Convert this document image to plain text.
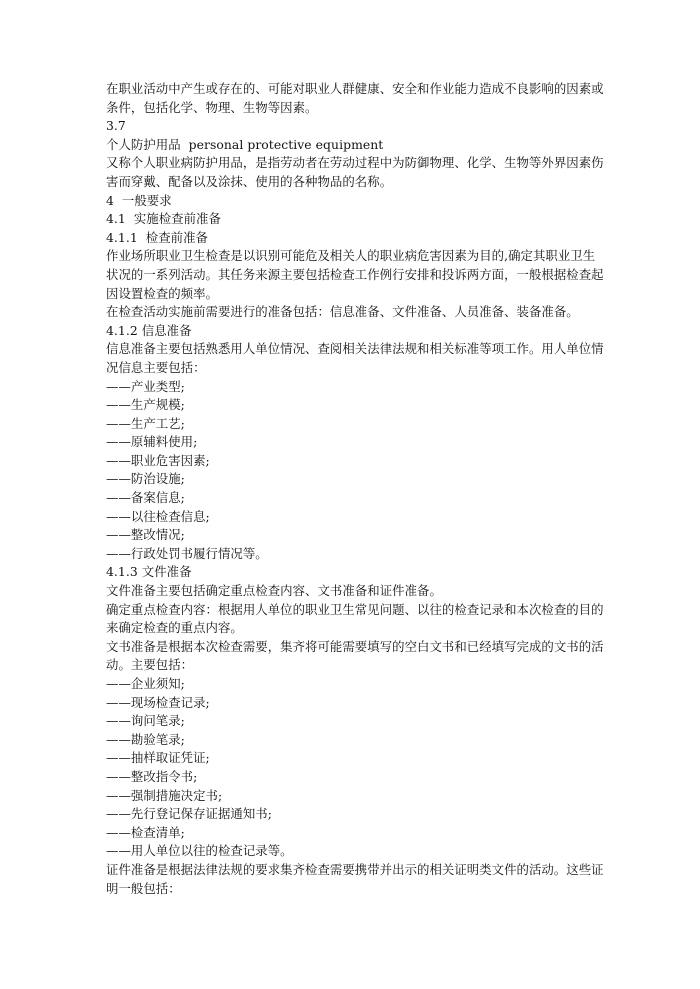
在职业活动中产生或存在的、可能对职业人群健康、安全和作业能力造成不良影响的因素或
条件，包括化学、物理、生物等因素。
3.7
个人防护用品  personal protective equipment
又称个人职业病防护用品，是指劳动者在劳动过程中为防御物理、化学、生物等外界因素伤
害而穿戴、配备以及涂抹、使用的各种物品的名称。
4  一般要求
4.1  实施检查前准备
4.1.1  检查前准备
作业场所职业卫生检查是以识别可能危及相关人的职业病危害因素为目的,确定其职业卫生
状况的一系列活动。其任务来源主要包括检查工作例行安排和投诉两方面，一般根据检查起
因设置检查的频率。
在检查活动实施前需要进行的准备包括：信息准备、文件准备、人员准备、装备准备。
4.1.2 信息准备
信息准备主要包括熟悉用人单位情况、查阅相关法律法规和相关标准等项工作。用人单位情
况信息主要包括：
——产业类型;
——生产规模;
——生产工艺;
——原辅料使用;
——职业危害因素;
——防治设施;
——备案信息;
——以往检查信息;
——整改情况;
——行政处罚书履行情况等。
4.1.3 文件准备
文件准备主要包括确定重点检查内容、文书准备和证件准备。
确定重点检查内容：根据用人单位的职业卫生常见问题、以往的检查记录和本次检查的目的
来确定检查的重点内容。
文书准备是根据本次检查需要，集齐将可能需要填写的空白文书和已经填写完成的文书的活
动。主要包括：
——企业须知;
——现场检查记录;
——询问笔录;
——勘验笔录;
——抽样取证凭证;
——整改指令书;
——强制措施决定书;
——先行登记保存证据通知书;
——检查清单;
——用人单位以往的检查记录等。
证件准备是根据法律法规的要求集齐检查需要携带并出示的相关证明类文件的活动。这些证
明一般包括：
